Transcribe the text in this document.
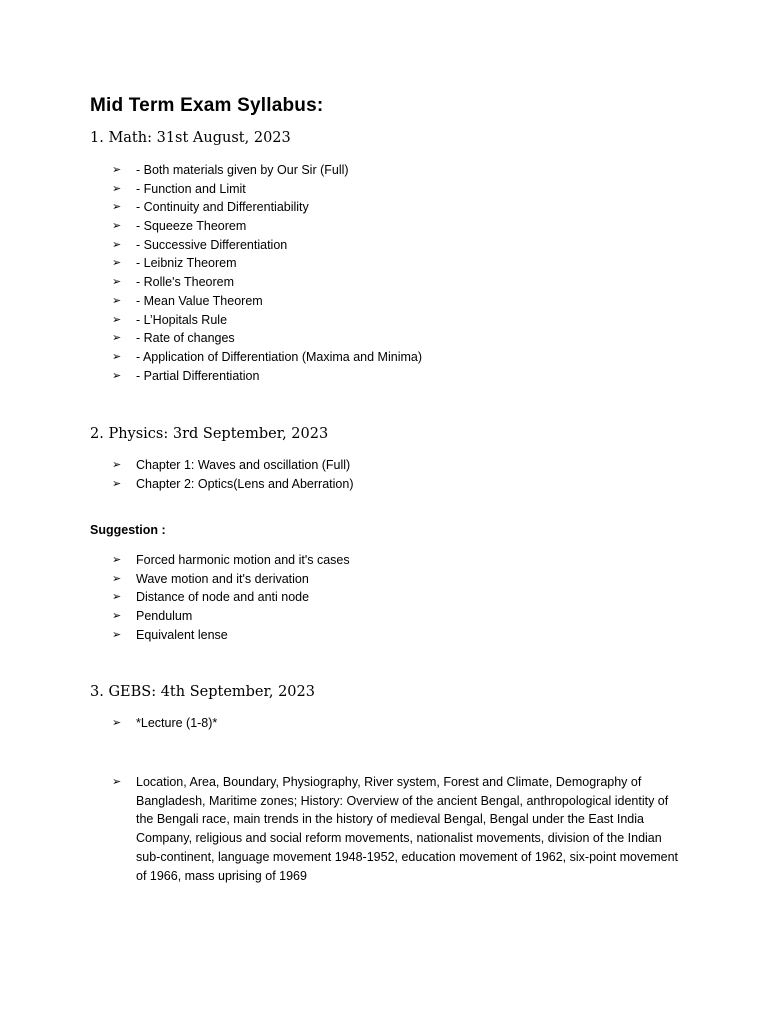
Mid Term Exam Syllabus:
1. Math: 31st August, 2023
➢ - Both materials given by Our Sir (Full)
➢ - Function and Limit
➢ - Continuity and Differentiability
➢ - Squeeze Theorem
➢ - Successive Differentiation
➢ - Leibniz Theorem
➢ - Rolle's Theorem
➢ - Mean Value Theorem
➢ - L’Hopitals Rule
➢ - Rate of changes
➢ - Application of Differentiation (Maxima and Minima)
➢ - Partial Differentiation
2. Physics: 3rd September, 2023
➢ Chapter 1: Waves and oscillation (Full)
➢ Chapter 2: Optics(Lens and Aberration)
Suggestion :
➢ Forced harmonic motion and it's cases
➢ Wave motion and it's derivation
➢ Distance of node and anti node
➢ Pendulum
➢ Equivalent lense
3. GEBS: 4th September, 2023
➢ *Lecture (1-8)*
➢ Location, Area, Boundary, Physiography, River system, Forest and Climate, Demography of Bangladesh, Maritime zones; History: Overview of the ancient Bengal, anthropological identity of the Bengali race, main trends in the history of medieval Bengal, Bengal under the East India Company, religious and social reform movements, nationalist movements, division of the Indian sub-continent, language movement 1948-1952, education movement of 1962, six-point movement of 1966, mass uprising of 1969
